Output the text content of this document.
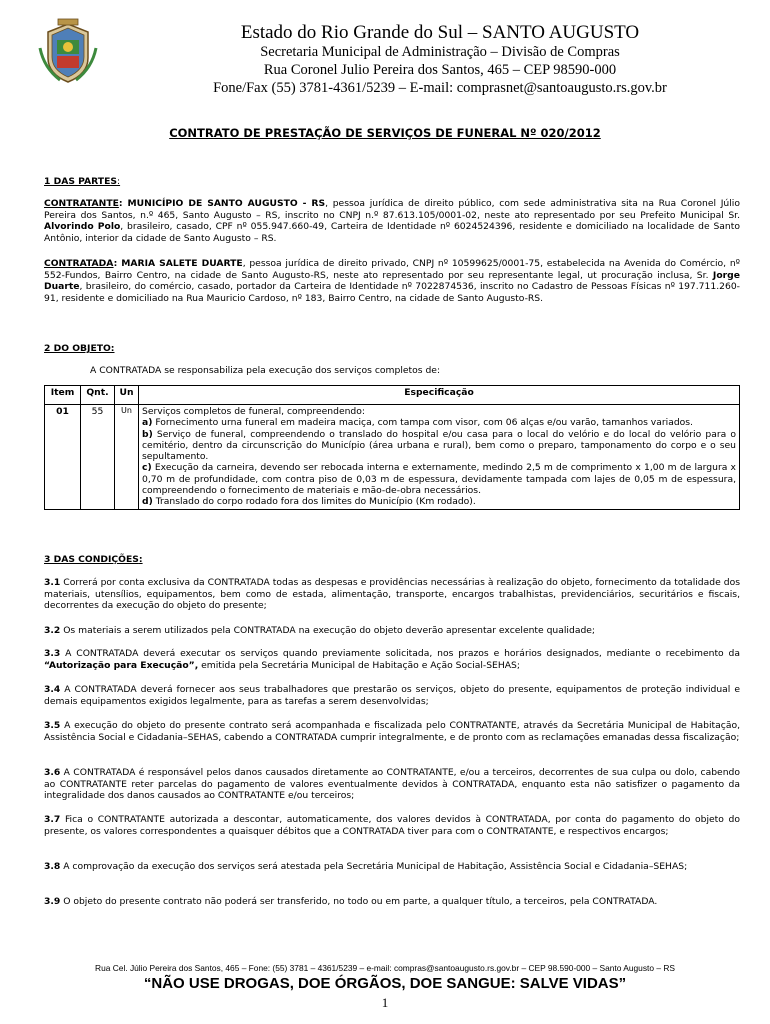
Estado do Rio Grande do Sul – SANTO AUGUSTO
Secretaria Municipal de Administração – Divisão de Compras
Rua Coronel Julio Pereira dos Santos, 465 – CEP 98590-000
Fone/Fax (55) 3781-4361/5239 – E-mail: comprasnet@santoaugusto.rs.gov.br
CONTRATO DE PRESTAÇÃO DE SERVIÇOS DE FUNERAL Nº 020/2012
1 DAS PARTES:
CONTRATANTE: MUNICÍPIO DE SANTO AUGUSTO - RS, pessoa jurídica de direito público, com sede administrativa sita na Rua Coronel Júlio Pereira dos Santos, n.º 465, Santo Augusto – RS, inscrito no CNPJ n.º 87.613.105/0001-02, neste ato representado por seu Prefeito Municipal Sr. Alvorindo Polo, brasileiro, casado, CPF nº 055.947.660-49, Carteira de Identidade nº 6024524396, residente e domiciliado na localidade de Santo Antônio, interior da cidade de Santo Augusto – RS.
CONTRATADA: MARIA SALETE DUARTE, pessoa jurídica de direito privado, CNPJ nº 10599625/0001-75, estabelecida na Avenida do Comércio, nº 552-Fundos, Bairro Centro, na cidade de Santo Augusto-RS, neste ato representado por seu representante legal, ut procuração inclusa, Sr. Jorge Duarte, brasileiro, do comércio, casado, portador da Carteira de Identidade nº 7022874536, inscrito no Cadastro de Pessoas Físicas nº 197.711.260-91, residente e domiciliado na Rua Mauricio Cardoso, nº 183, Bairro Centro, na cidade de Santo Augusto-RS.
2 DO OBJETO:
A CONTRATADA se responsabiliza pela execução dos serviços completos de:
Item	Qnt.	Un	Especificação
01	55	Un	Serviços completos de funeral, compreendendo:
a) Fornecimento urna funeral em madeira maciça, com tampa com visor, com 06 alças e/ou varão, tamanhos variados.
b) Serviço de funeral, compreendendo o translado do hospital e/ou casa para o local do velório e do local do velório para o cemitério, dentro da circunscrição do Município (área urbana e rural), bem como o preparo, tamponamento do corpo e o seu sepultamento.
c) Execução da carneira, devendo ser rebocada interna e externamente, medindo 2,5 m de comprimento x 1,00 m de largura x 0,70 m de profundidade, com contra piso de 0,03 m de espessura, devidamente tampada com lajes de 0,05 m de espessura, compreendendo o fornecimento de materiais e mão-de-obra necessários.
d) Translado do corpo rodado fora dos limites do Município (Km rodado).
3 DAS CONDIÇÕES:
3.1 Correrá por conta exclusiva da CONTRATADA todas as despesas e providências necessárias à realização do objeto, fornecimento da totalidade dos materiais, utensílios, equipamentos, bem como de estada, alimentação, transporte, encargos trabalhistas, previdenciários, securitários e fiscais, decorrentes da execução do objeto do presente;
3.2 Os materiais a serem utilizados pela CONTRATADA na execução do objeto deverão apresentar excelente qualidade;
3.3 A CONTRATADA deverá executar os serviços quando previamente solicitada, nos prazos e horários designados, mediante o recebimento da “Autorização para Execução”, emitida pela Secretária Municipal de Habitação e Ação Social-SEHAS;
3.4 A CONTRATADA deverá fornecer aos seus trabalhadores que prestarão os serviços, objeto do presente, equipamentos de proteção individual e demais equipamentos exigidos legalmente, para as tarefas a serem desenvolvidas;
3.5 A execução do objeto do presente contrato será acompanhada e fiscalizada pelo CONTRATANTE, através da Secretária Municipal de Habitação, Assistência Social e Cidadania–SEHAS, cabendo a CONTRATADA cumprir integralmente, e de pronto com as reclamações emanadas dessa fiscalização;
3.6 A CONTRATADA é responsável pelos danos causados diretamente ao CONTRATANTE, e/ou a terceiros, decorrentes de sua culpa ou dolo, cabendo ao CONTRATANTE reter parcelas do pagamento de valores eventualmente devidos à CONTRATADA, enquanto esta não satisfizer o pagamento da integralidade dos danos causados ao CONTRATANTE e/ou terceiros;
3.7 Fica o CONTRATANTE autorizada a descontar, automaticamente, dos valores devidos à CONTRATADA, por conta do pagamento do objeto do presente, os valores correspondentes a quaisquer débitos que a CONTRATADA tiver para com o CONTRATANTE, e respectivos encargos;
3.8 A comprovação da execução dos serviços será atestada pela Secretária Municipal de Habitação, Assistência Social e Cidadania–SEHAS;
3.9 O objeto do presente contrato não poderá ser transferido, no todo ou em parte, a qualquer título, a terceiros, pela CONTRATADA.
Rua Cel. Júlio Pereira dos Santos, 465 – Fone: (55) 3781 – 4361/5239 – e-mail: compras@santoaugusto.rs.gov.br – CEP 98.590-000 – Santo Augusto – RS
“NÃO USE DROGAS, DOE ÓRGÃOS, DOE SANGUE: SALVE VIDAS”
1
